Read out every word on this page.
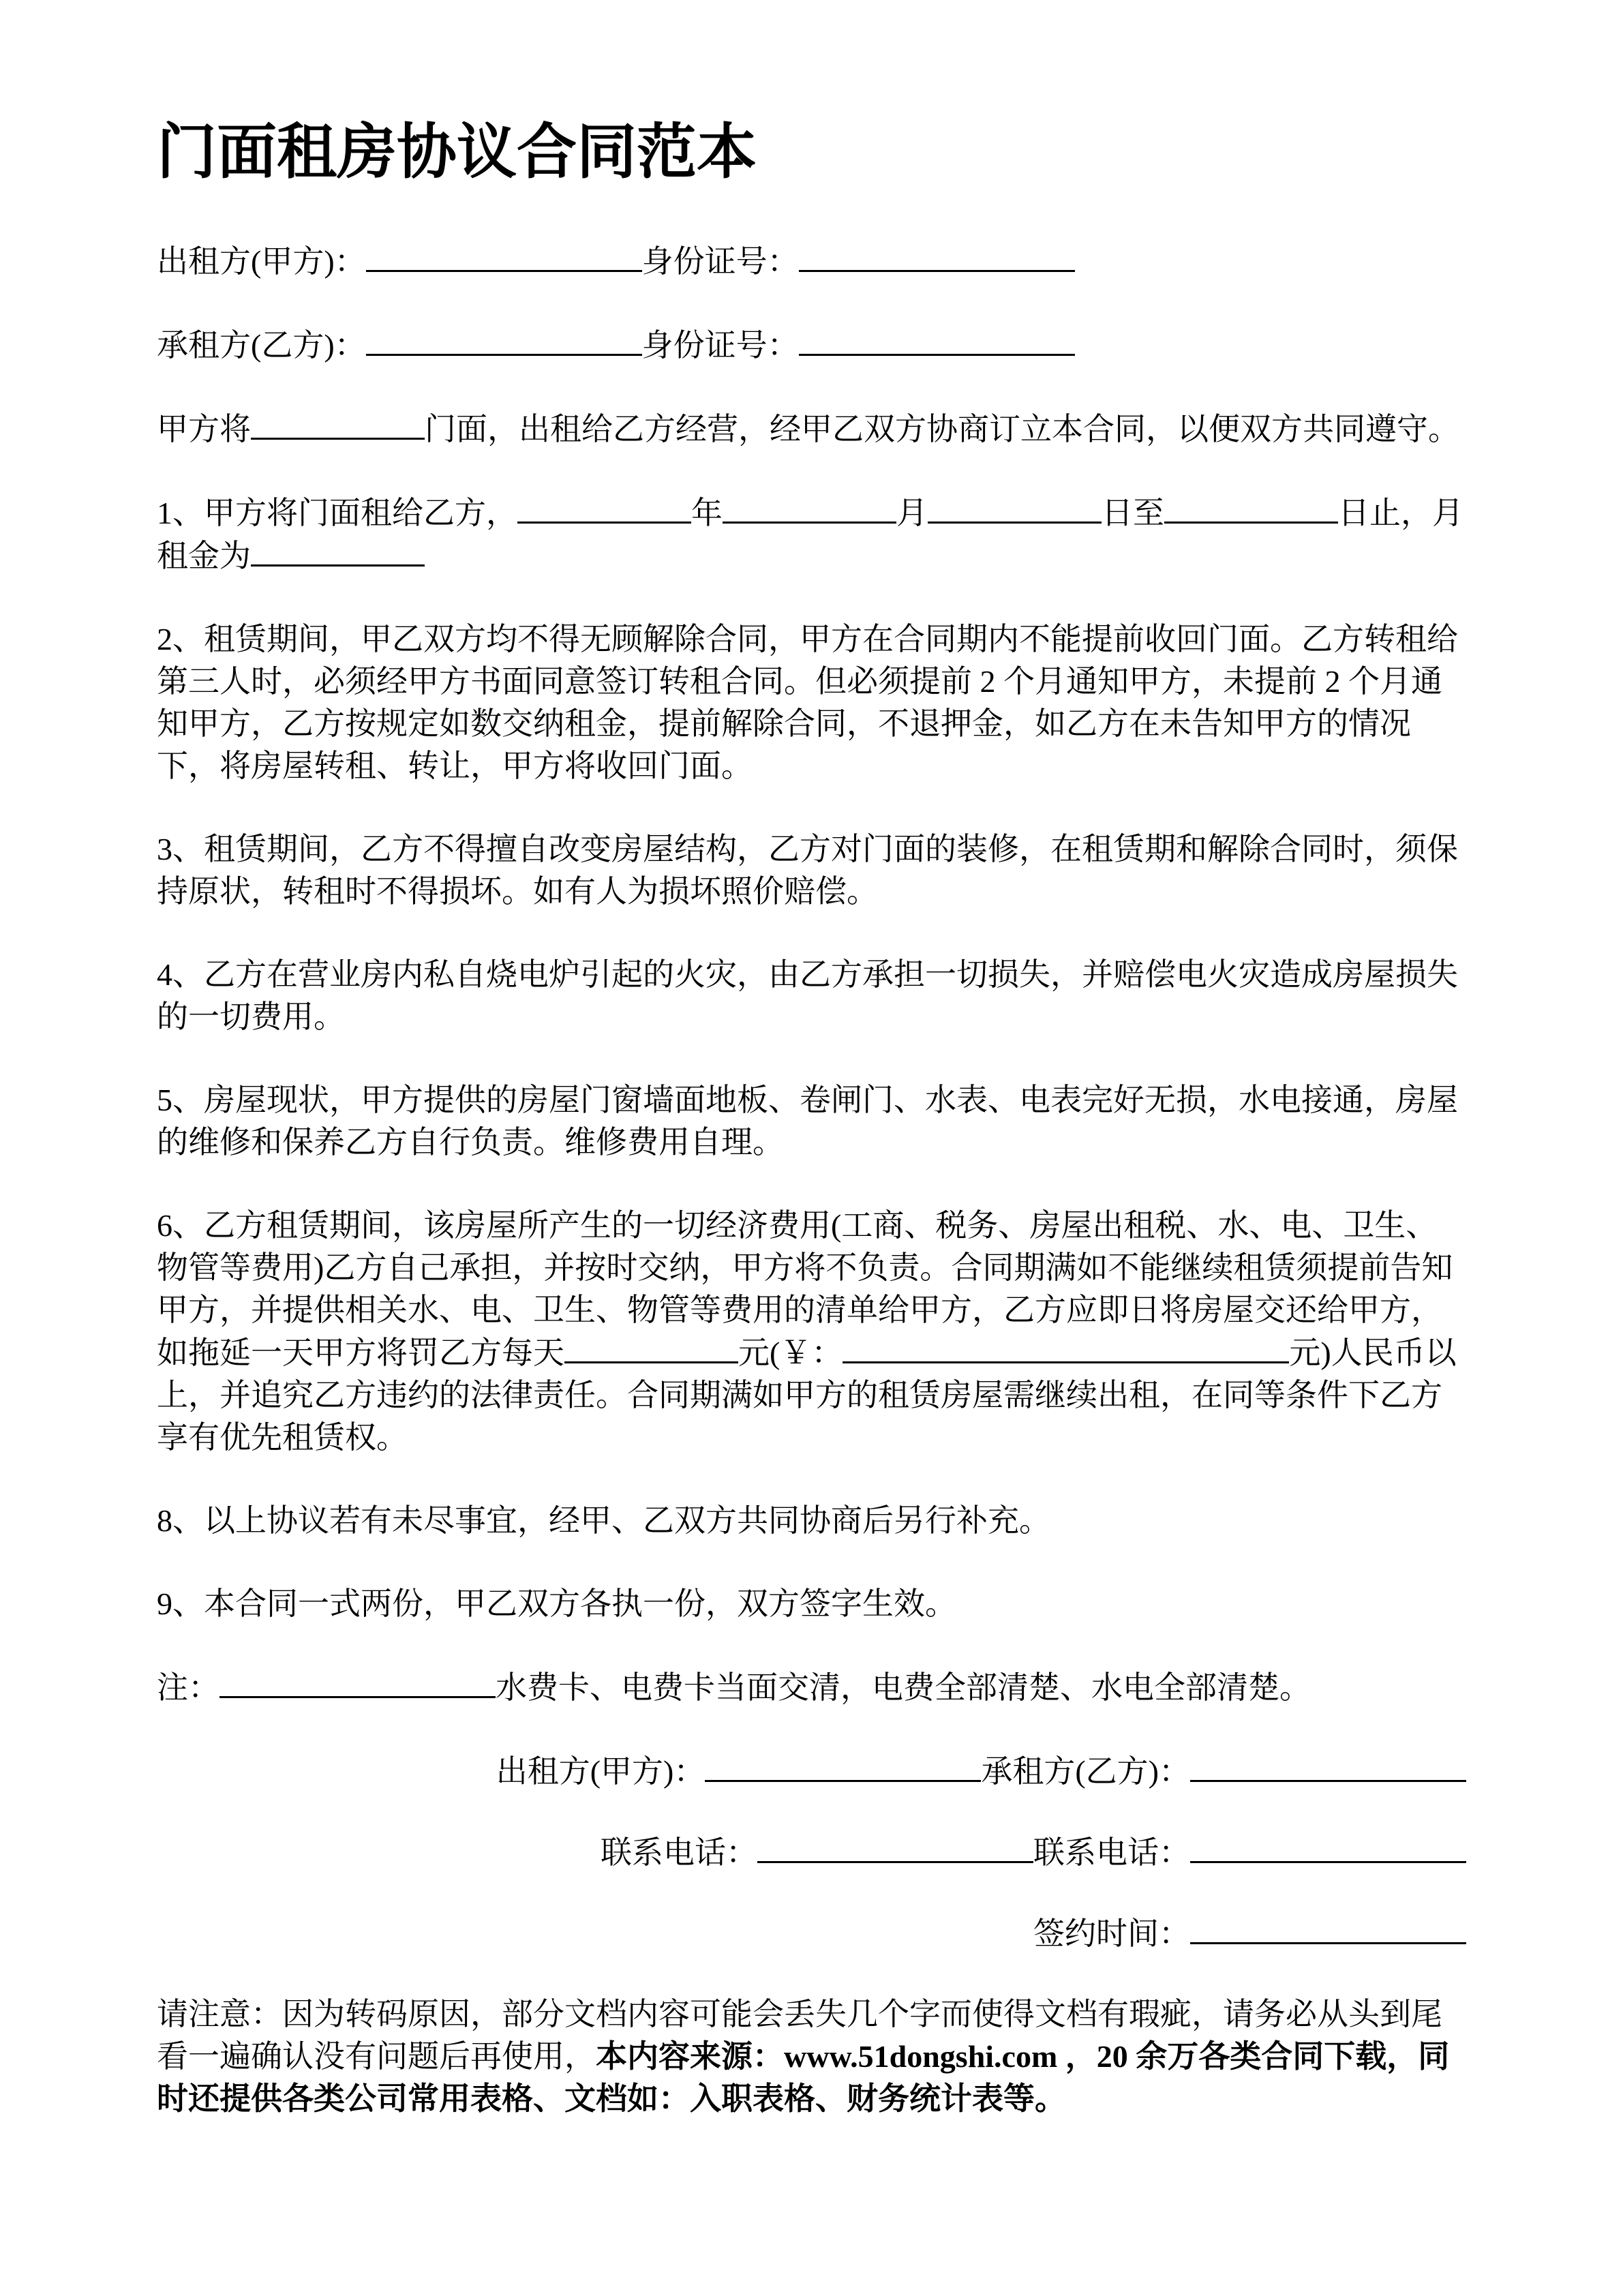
门面租房协议合同范本

出租方(甲方)：	身份证号：

承租方(乙方)：	身份证号：

甲方将	门面，出租给乙方经营，经甲乙双方协商订立本合同，以便双方共同遵守。

1、甲方将门面租给乙方，	年	月	日至	日止，月租金为

2、租赁期间，甲乙双方均不得无顾解除合同，甲方在合同期内不能提前收回门面。乙方转租给第三人时，必须经甲方书面同意签订转租合同。但必须提前 2 个月通知甲方，未提前 2 个月通知甲方，乙方按规定如数交纳租金，提前解除合同，不退押金，如乙方在未告知甲方的情况下，将房屋转租、转让，甲方将收回门面。

3、租赁期间，乙方不得擅自改变房屋结构，乙方对门面的装修，在租赁期和解除合同时，须保持原状，转租时不得损坏。如有人为损坏照价赔偿。

4、乙方在营业房内私自烧电炉引起的火灾，由乙方承担一切损失，并赔偿电火灾造成房屋损失的一切费用。

5、房屋现状，甲方提供的房屋门窗墙面地板、卷闸门、水表、电表完好无损，水电接通，房屋的维修和保养乙方自行负责。维修费用自理。

6、乙方租赁期间，该房屋所产生的一切经济费用(工商、税务、房屋出租税、水、电、卫生、物管等费用)乙方自己承担，并按时交纳，甲方将不负责。合同期满如不能继续租赁须提前告知甲方，并提供相关水、电、卫生、物管等费用的清单给甲方，乙方应即日将房屋交还给甲方，如拖延一天甲方将罚乙方每天	元(￥：	元)人民币以上，并追究乙方违约的法律责任。合同期满如甲方的租赁房屋需继续出租，在同等条件下乙方享有优先租赁权。

8、以上协议若有未尽事宜，经甲、乙双方共同协商后另行补充。

9、本合同一式两份，甲乙双方各执一份，双方签字生效。

注：	水费卡、电费卡当面交清，电费全部清楚、水电全部清楚。

出租方(甲方)：	承租方(乙方)：

联系电话：	联系电话：

签约时间：

请注意：因为转码原因，部分文档内容可能会丢失几个字而使得文档有瑕疵，请务必从头到尾看一遍确认没有问题后再使用，本内容来源：www.51dongshi.com ，20 余万各类合同下载，同时还提供各类公司常用表格、文档如：入职表格、财务统计表等。
